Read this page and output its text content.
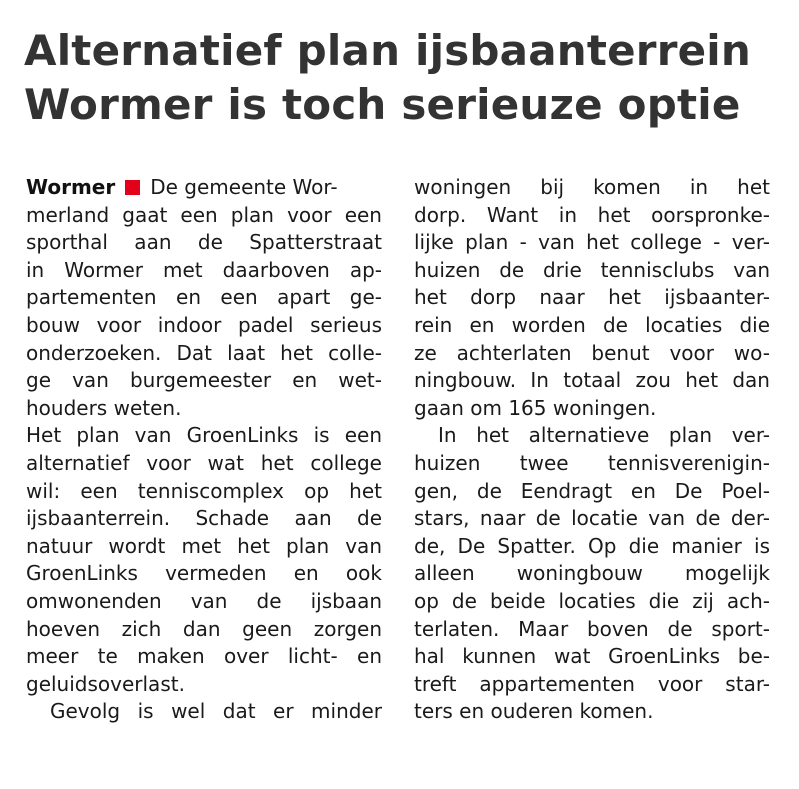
Alternatief plan ijsbaanterrein
Wormer is toch serieuze optie
Wormer De gemeente Wor-
merland gaat een plan voor een
sporthal aan de Spatterstraat
in Wormer met daarboven ap-
partementen en een apart ge-
bouw voor indoor padel serieus
onderzoeken. Dat laat het colle-
ge van burgemeester en wet-
houders weten.
Het plan van GroenLinks is een
alternatief voor wat het college
wil: een tenniscomplex op het
ijsbaanterrein. Schade aan de
natuur wordt met het plan van
GroenLinks vermeden en ook
omwonenden van de ijsbaan
hoeven zich dan geen zorgen
meer te maken over licht- en
geluidsoverlast.
Gevolg is wel dat er minder
woningen bij komen in het
dorp. Want in het oorspronke-
lijke plan - van het college - ver-
huizen de drie tennisclubs van
het dorp naar het ijsbaanter-
rein en worden de locaties die
ze achterlaten benut voor wo-
ningbouw. In totaal zou het dan
gaan om 165 woningen.
In het alternatieve plan ver-
huizen twee tennisverenigin-
gen, de Eendragt en De Poel-
stars, naar de locatie van de der-
de, De Spatter. Op die manier is
alleen woningbouw mogelijk
op de beide locaties die zij ach-
terlaten. Maar boven de sport-
hal kunnen wat GroenLinks be-
treft appartementen voor star-
ters en ouderen komen.
